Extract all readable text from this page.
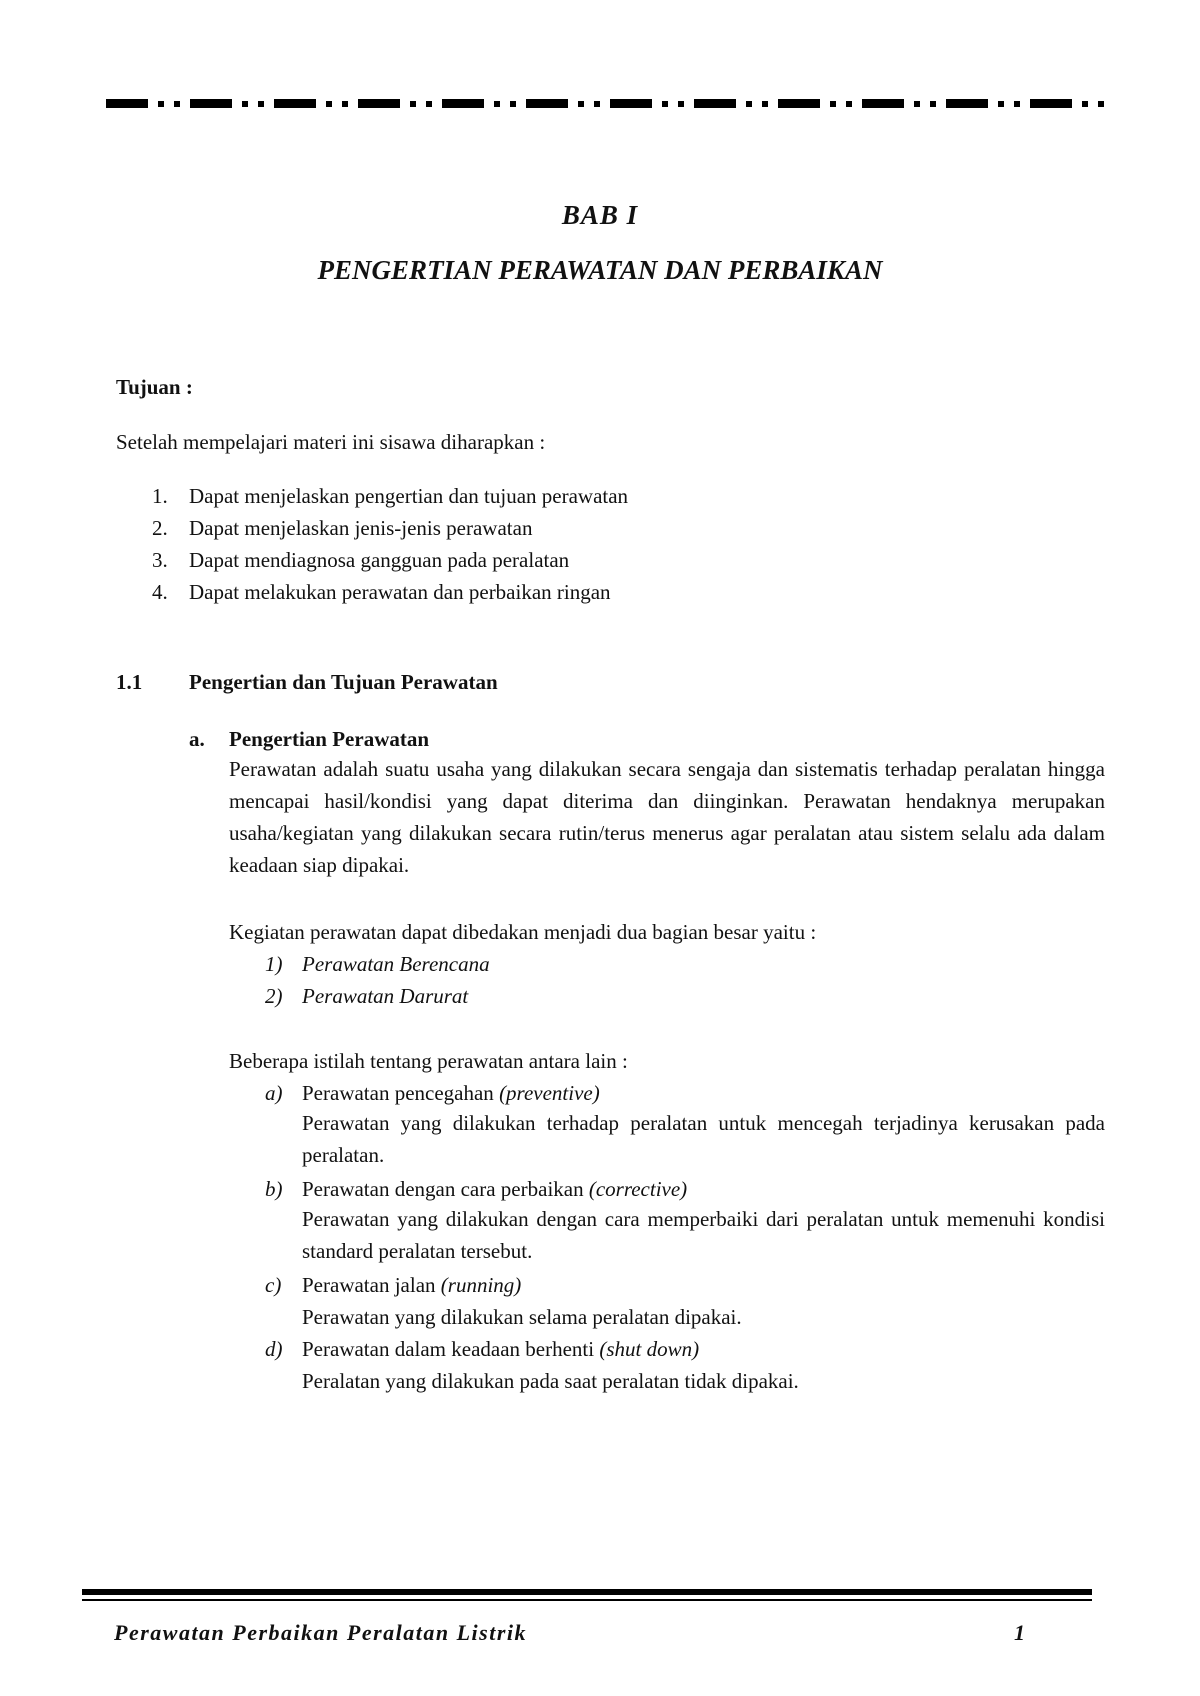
BAB I
PENGERTIAN PERAWATAN DAN PERBAIKAN
Tujuan :
Setelah mempelajari materi ini sisawa diharapkan :
1. Dapat menjelaskan pengertian dan tujuan perawatan
2. Dapat menjelaskan jenis-jenis perawatan
3. Dapat mendiagnosa gangguan pada peralatan
4. Dapat melakukan perawatan dan perbaikan ringan
1.1 Pengertian dan Tujuan Perawatan
a. Pengertian Perawatan
Perawatan adalah suatu usaha yang dilakukan secara sengaja dan sistematis terhadap peralatan hingga mencapai hasil/kondisi yang dapat diterima dan diinginkan. Perawatan hendaknya merupakan usaha/kegiatan yang dilakukan secara rutin/terus menerus agar peralatan atau sistem selalu ada dalam keadaan siap dipakai.
Kegiatan perawatan dapat dibedakan menjadi dua bagian besar yaitu :
1) Perawatan Berencana
2) Perawatan Darurat
Beberapa istilah tentang perawatan antara lain :
a) Perawatan pencegahan (preventive)
Perawatan yang dilakukan terhadap peralatan untuk mencegah terjadinya kerusakan pada peralatan.
b) Perawatan dengan cara perbaikan (corrective)
Perawatan yang dilakukan dengan cara memperbaiki dari peralatan untuk memenuhi kondisi standard peralatan tersebut.
c) Perawatan jalan (running)
Perawatan yang dilakukan selama peralatan dipakai.
d) Perawatan dalam keadaan berhenti (shut down)
Peralatan yang dilakukan pada saat peralatan tidak dipakai.
Perawatan Perbaikan Peralatan Listrik	1
